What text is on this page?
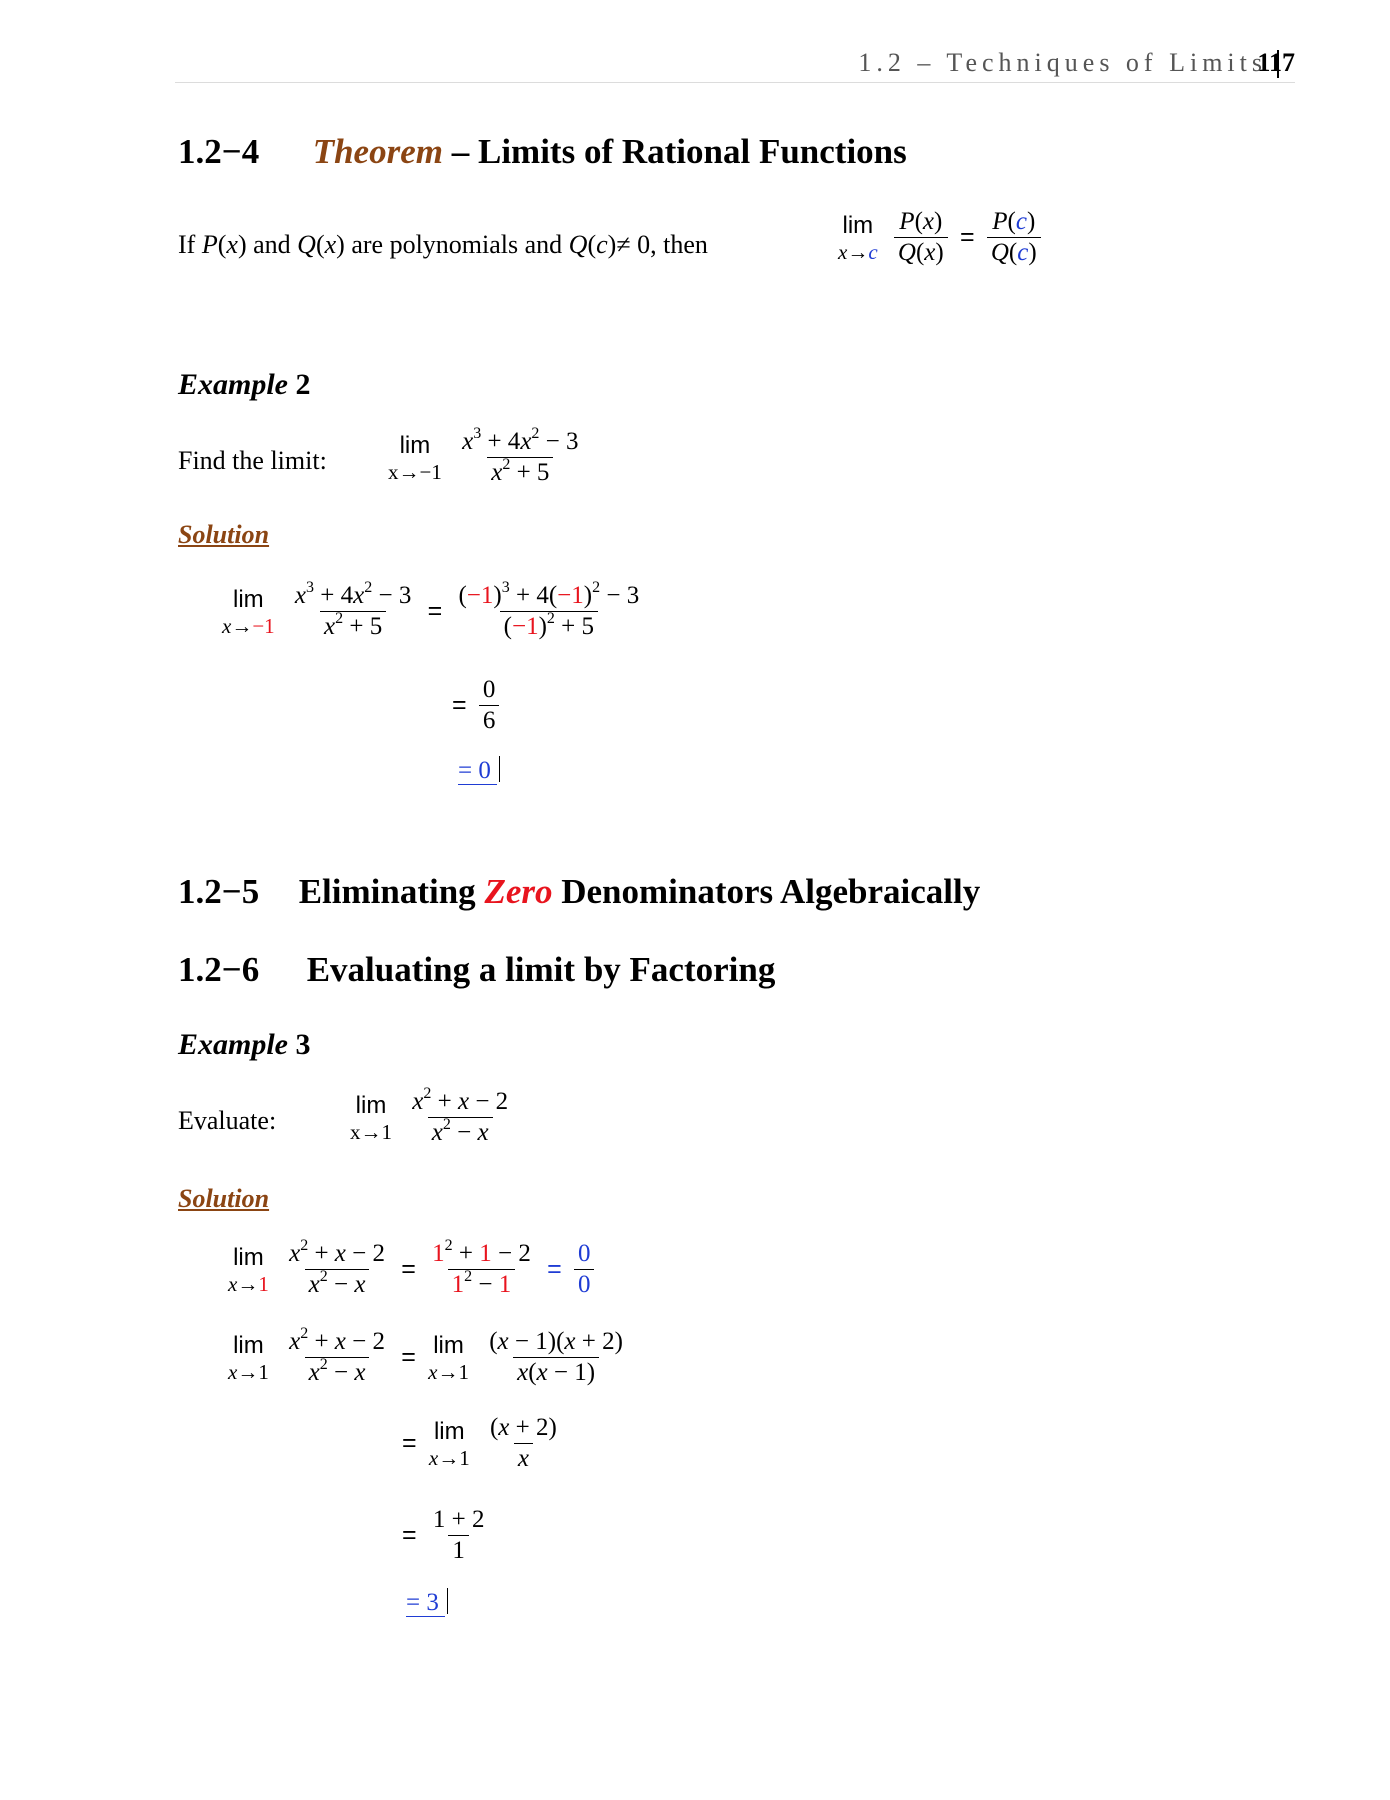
1.2 – Techniques of Limits
117
1.2−4 Theorem – Limits of Rational Functions
If P(x) and Q(x) are polynomials and Q(c)≠ 0, then
lim
x→c
$\frac{P(x)}{Q(x)} = \frac{P(c)}{Q(c)}$
Example 2
Find the limit:
lim
x→−1
$\frac{x^3 + 4x^2 - 3}{x^2 + 5}$
Solution
lim
x→−1
$\frac{x^3 + 4x^2 - 3}{x^2 + 5} = \frac{(-1)^3 + 4(-1)^2 - 3}{(-1)^2 + 5}$
= $\frac{0}{6}$
= 0
1.2−5 Eliminating Zero Denominators Algebraically
1.2−6 Evaluating a limit by Factoring
Example 3
Evaluate:
lim
x→1
$\frac{x^2 + x - 2}{x^2 - x}$
Solution
lim
x→1
$\frac{x^2 + x - 2}{x^2 - x} = \frac{1^2 + 1 - 2}{1^2 - 1} = \frac{0}{0}$
lim
x→1
$\frac{x^2 + x - 2}{x^2 - x} = \lim$
x→1
$\frac{(x - 1)(x + 2)}{x(x - 1)}$
= lim
x→1
$\frac{(x + 2)}{x}$
= $\frac{1 + 2}{1}$
= 3
